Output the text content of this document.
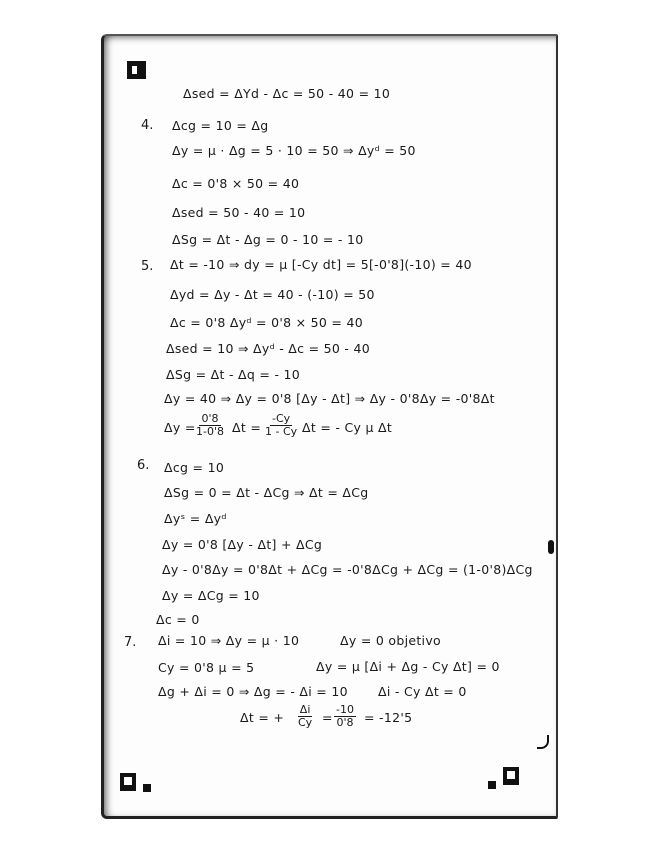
Δsed = ΔYd - Δc = 50 - 40 = 10
4. Δcg = 10 = Δg
Δy = μ · Δg = 5 · 10 = 50 ⇒ Δyᵈ = 50
Δc = 0'8 × 50 = 40
Δsed = 50 - 40 = 10
ΔSg = Δt - Δg = 0 - 10 = - 10
5. Δt = -10 ⇒ dy = μ [-Cy dt] = 5[-0'8](-10) = 40
Δyd = Δy - Δt = 40 - (-10) = 50
Δc = 0'8 Δyᵈ = 0'8 × 50 = 40
Δsed = 10 ⇒ Δyᵈ - Δc = 50 - 40
ΔSg = Δt - Δq = - 10
Δy = 40 ⇒ Δy = 0'8 [Δy - Δt] ⇒ Δy - 0'8Δy = -0'8Δt
Δy =
$\frac{0'8}{1-0'8}$ $\Delta t = \frac{-Cy}{1 - Cy}$ Δt = - Cy μ Δt
6. Δcg = 10
ΔSg = 0 = Δt - ΔCg ⇒ Δt = ΔCg
Δyˢ = Δyᵈ
Δy = 0'8 [Δy - Δt] + ΔCg
Δy - 0'8Δy = 0'8Δt + ΔCg = -0'8ΔCg + ΔCg = (1-0'8)ΔCg
Δy = ΔCg = 10
Δc = 0
7. Δi = 10 ⇒ Δy = μ · 10	Δy = 0 objetivo
Cy = 0'8 μ = 5	Δy = μ [Δi + Δg - Cy Δt] = 0
Δg + Δi = 0 ⇒ Δg = - Δi = 10 Δi - Cy Δt = 0
Δt = + $\frac{\Delta i}{Cy} = \frac{-10}{0'8} = -12'5$
